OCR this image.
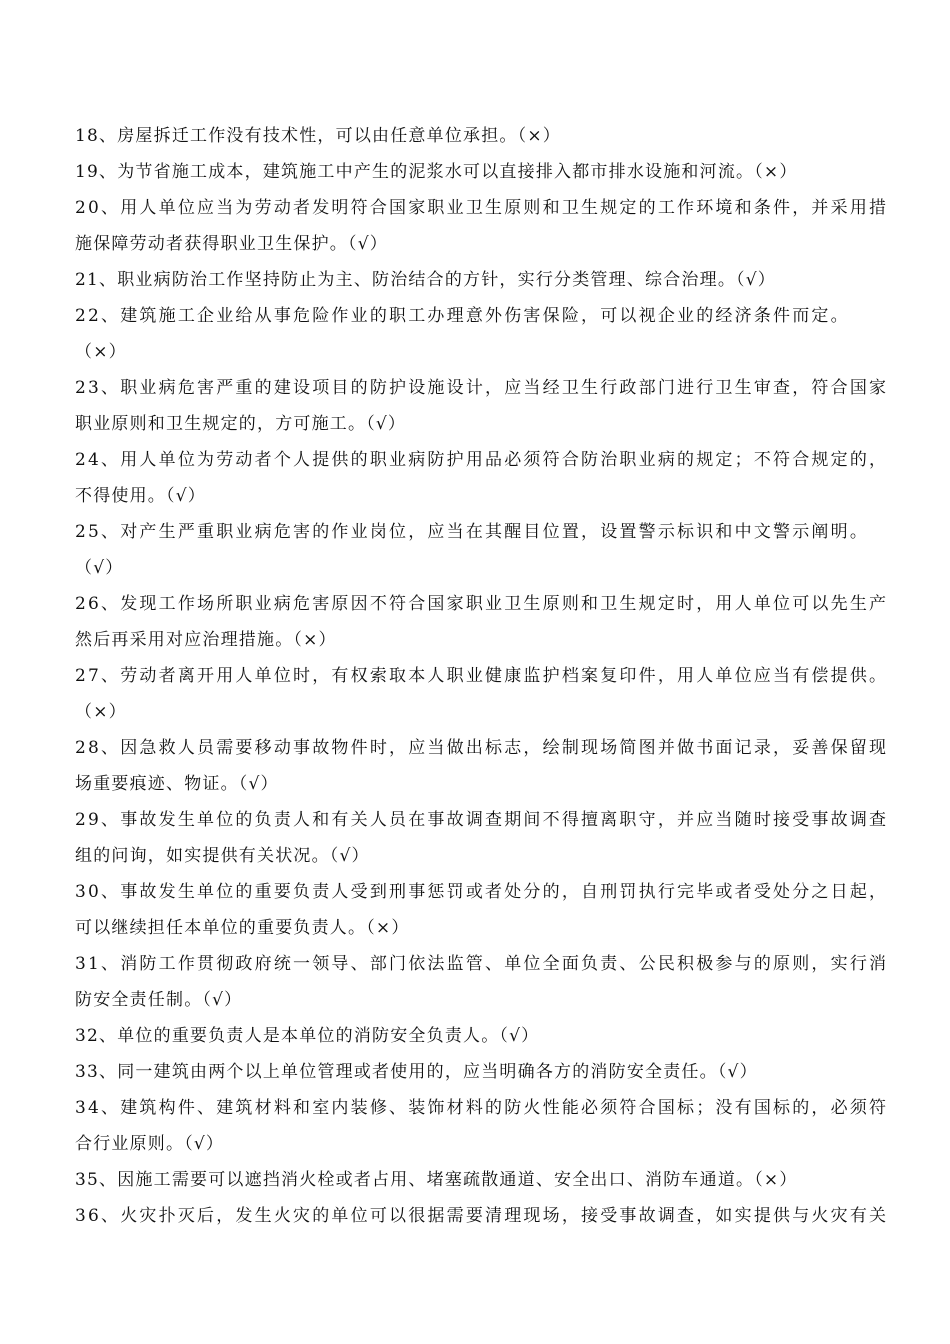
18、房屋拆迁工作没有技术性，可以由任意单位承担。（×）
19、为节省施工成本，建筑施工中产生的泥浆水可以直接排入都市排水设施和河流。（×）
20、用人单位应当为劳动者发明符合国家职业卫生原则和卫生规定的工作环境和条件，并采用措
施保障劳动者获得职业卫生保护。（√）
21、职业病防治工作坚持防止为主、防治结合的方针，实行分类管理、综合治理。（√）
22、建筑施工企业给从事危险作业的职工办理意外伤害保险，可以视企业的经济条件而定。
（×）
23、职业病危害严重的建设项目的防护设施设计，应当经卫生行政部门进行卫生审查，符合国家
职业原则和卫生规定的，方可施工。（√）
24、用人单位为劳动者个人提供的职业病防护用品必须符合防治职业病的规定；不符合规定的，
不得使用。（√）
25、对产生严重职业病危害的作业岗位，应当在其醒目位置，设置警示标识和中文警示阐明。
（√）
26、发现工作场所职业病危害原因不符合国家职业卫生原则和卫生规定时，用人单位可以先生产
然后再采用对应治理措施。（×）
27、劳动者离开用人单位时，有权索取本人职业健康监护档案复印件，用人单位应当有偿提供。
（×）
28、因急救人员需要移动事故物件时，应当做出标志，绘制现场简图并做书面记录，妥善保留现
场重要痕迹、物证。（√）
29、事故发生单位的负责人和有关人员在事故调查期间不得擅离职守，并应当随时接受事故调查
组的问询，如实提供有关状况。（√）
30、事故发生单位的重要负责人受到刑事惩罚或者处分的，自刑罚执行完毕或者受处分之日起，
可以继续担任本单位的重要负责人。（×）
31、消防工作贯彻政府统一领导、部门依法监管、单位全面负责、公民积极参与的原则，实行消
防安全责任制。（√）
32、单位的重要负责人是本单位的消防安全负责人。（√）
33、同一建筑由两个以上单位管理或者使用的，应当明确各方的消防安全责任。（√）
34、建筑构件、建筑材料和室内装修、装饰材料的防火性能必须符合国标；没有国标的，必须符
合行业原则。（√）
35、因施工需要可以遮挡消火栓或者占用、堵塞疏散通道、安全出口、消防车通道。（×）
36、火灾扑灭后，发生火灾的单位可以很据需要清理现场，接受事故调查，如实提供与火灾有关
